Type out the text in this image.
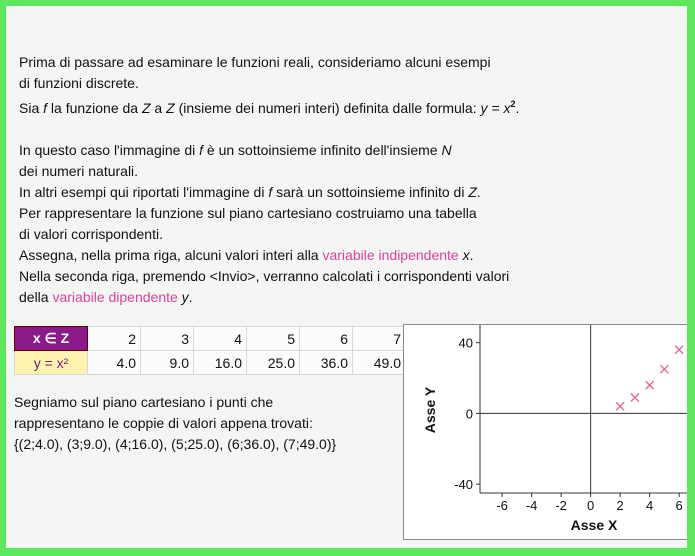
Prima di passare ad esaminare le funzioni reali, consideriamo alcuni esempi

di funzioni discrete.

Sia f la funzione da Z a Z (insieme dei numeri interi) definita dalle formula: $y = x^2$.

In questo caso l'immagine di f è un sottoinsieme infinito dell'insieme N

dei numeri naturali.

In altri esempi qui riportati l'immagine di f sarà un sottoinsieme infinito di Z.

Per rappresentare la funzione sul piano cartesiano costruiamo una tabella

di valori corrispondenti.

Assegna, nella prima riga, alcuni valori interi alla variabile indipendente x.

Nella seconda riga, premendo <Invio>, verranno calcolati i corrispondenti valori

della variabile dipendente y.

x ∈ Z	2	3	4	5	6	7
y = x²	4.0	9.0	16.0	25.0	36.0	49.0

Segniamo sul piano cartesiano i punti che

rappresentano le coppie di valori appena trovati:

{(2;4.0), (3;9.0), (4;16.0), (5;25.0), (6;36.0), (7;49.0)}

Asse Y
Asse X
-6 -4 -2 0 2 4 6
40
0
-40
